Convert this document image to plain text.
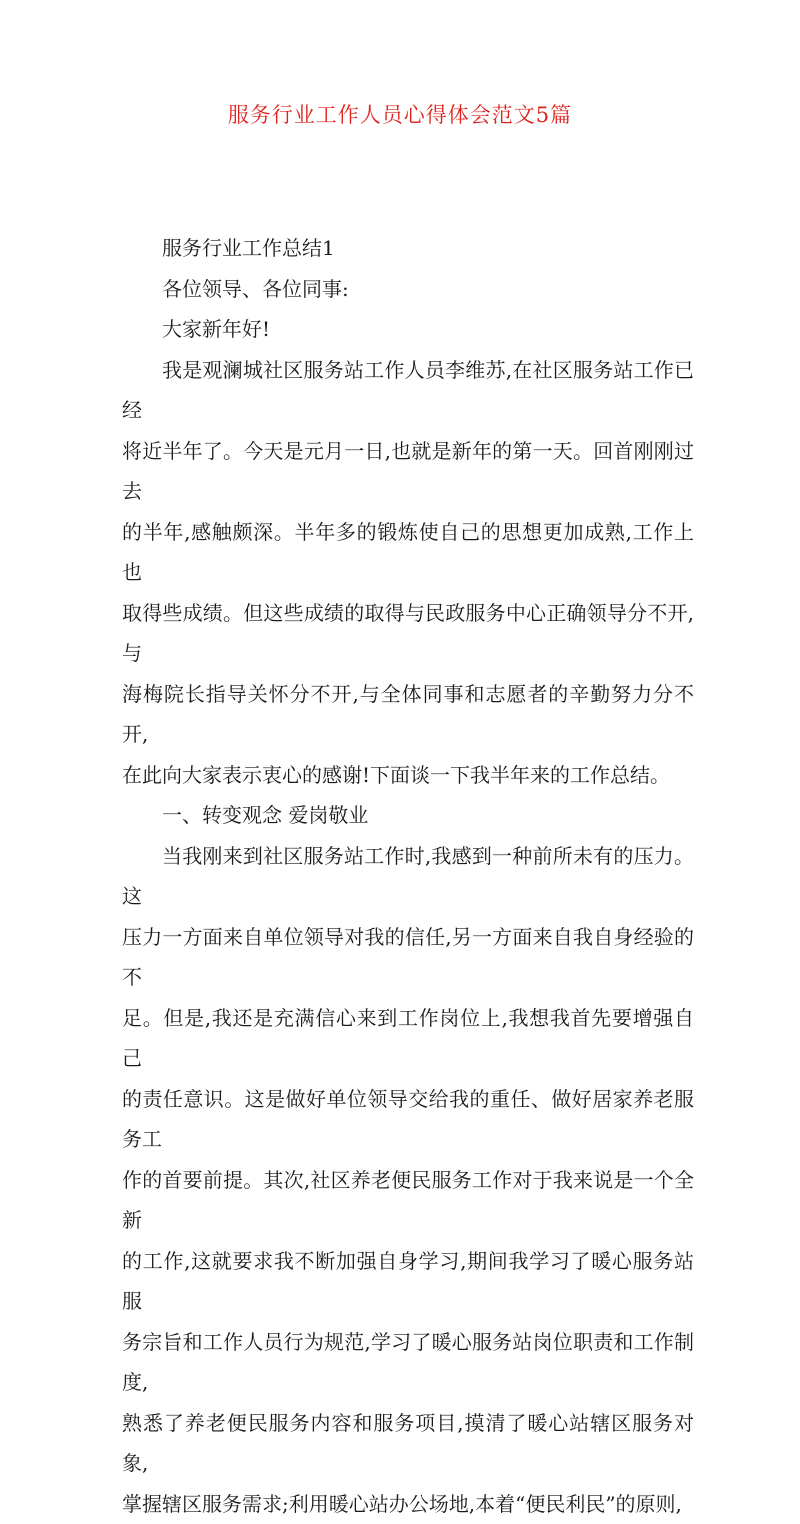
服务行业工作人员心得体会范文5篇

服务行业工作总结1

各位领导、各位同事:

大家新年好!

我是观澜城社区服务站工作人员李维苏,在社区服务站工作已经
将近半年了。今天是元月一日,也就是新年的第一天。回首刚刚过去
的半年,感触颇深。半年多的锻炼使自己的思想更加成熟,工作上也
取得些成绩。但这些成绩的取得与民政服务中心正确领导分不开,与
海梅院长指导关怀分不开,与全体同事和志愿者的辛勤努力分不开,
在此向大家表示衷心的感谢!下面谈一下我半年来的工作总结。

一、转变观念 爱岗敬业

当我刚来到社区服务站工作时,我感到一种前所未有的压力。这
压力一方面来自单位领导对我的信任,另一方面来自我自身经验的不
足。但是,我还是充满信心来到工作岗位上,我想我首先要增强自己
的责任意识。这是做好单位领导交给我的重任、做好居家养老服务工
作的首要前提。其次,社区养老便民服务工作对于我来说是一个全新
的工作,这就要求我不断加强自身学习,期间我学习了暖心服务站服
务宗旨和工作人员行为规范,学习了暖心服务站岗位职责和工作制度,
熟悉了养老便民服务内容和服务项目,摸清了暖心站辖区服务对象,
掌握辖区服务需求;利用暖心站办公场地,本着“便民利民”的原则,
